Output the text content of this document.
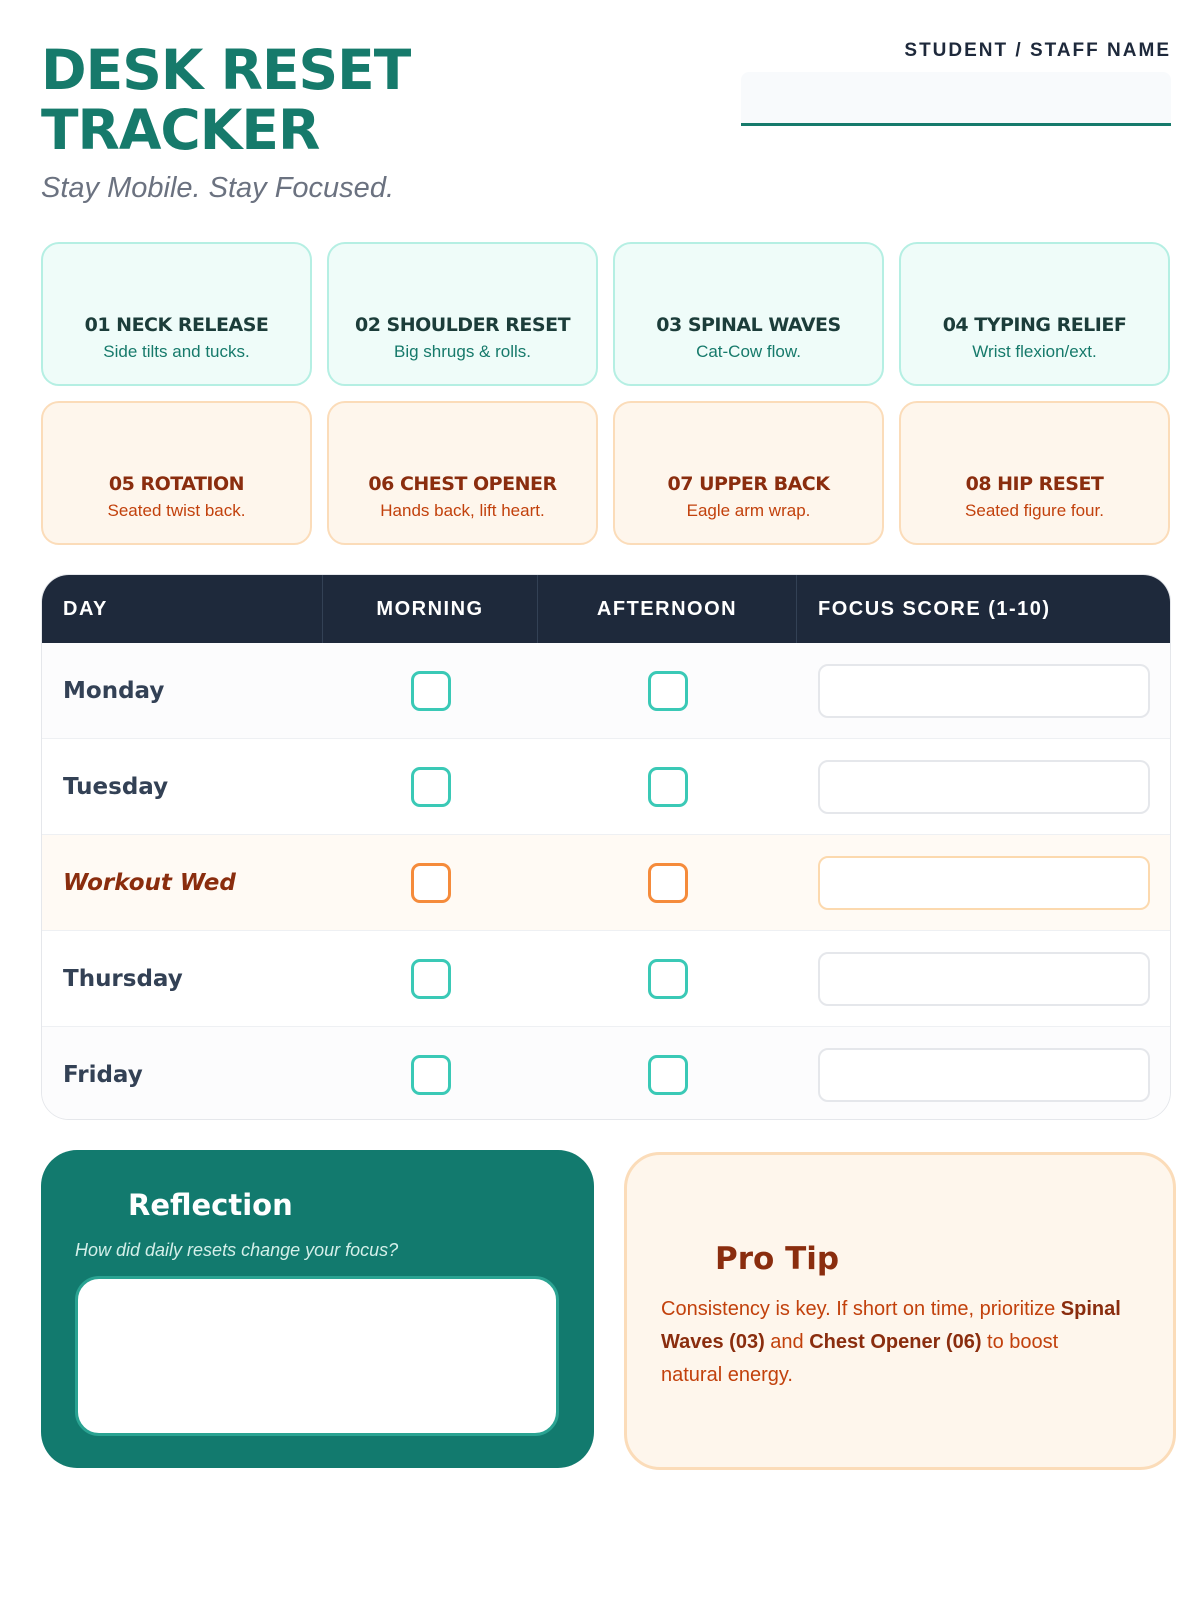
DESK RESET TRACKER
Stay Mobile. Stay Focused.
STUDENT / STAFF NAME
01 NECK RELEASE
Side tilts and tucks.
02 SHOULDER RESET
Big shrugs & rolls.
03 SPINAL WAVES
Cat-Cow flow.
04 TYPING RELIEF
Wrist flexion/ext.
05 ROTATION
Seated twist back.
06 CHEST OPENER
Hands back, lift heart.
07 UPPER BACK
Eagle arm wrap.
08 HIP RESET
Seated figure four.
DAY	MORNING	AFTERNOON	FOCUS SCORE (1-10)
Monday
Tuesday
Workout Wed
Thursday
Friday
Reflection
How did daily resets change your focus?	Pro Tip

Consistency is key. If short on time, prioritize Spinal Waves (03) and Chest Opener (06) to boost natural energy.
